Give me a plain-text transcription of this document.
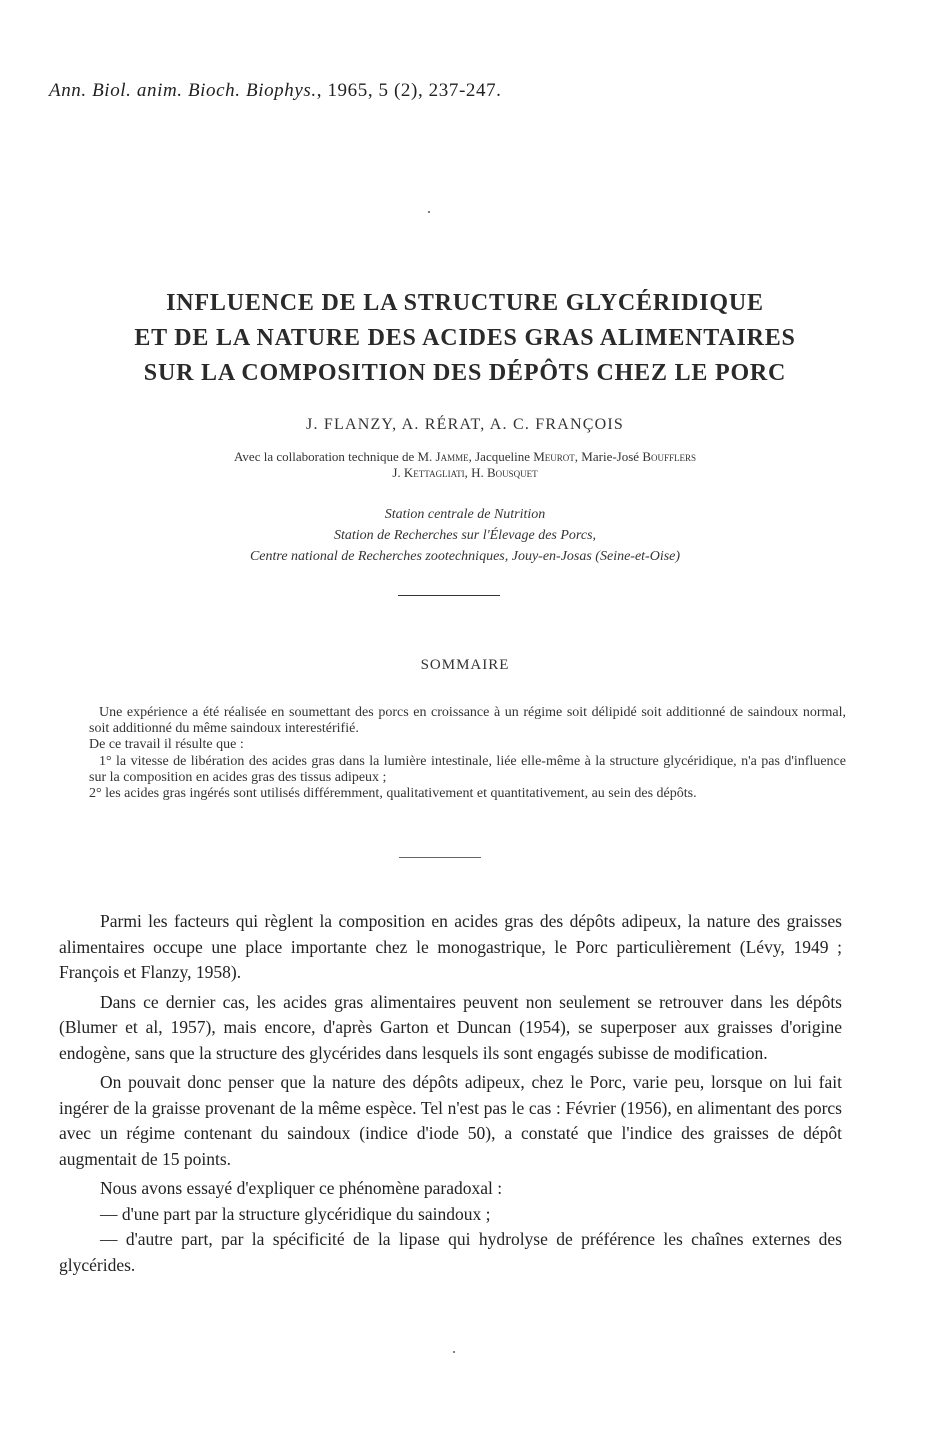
Ann. Biol. anim. Bioch. Biophys., 1965, 5 (2), 237-247.
INFLUENCE DE LA STRUCTURE GLYCÉRIDIQUE
ET DE LA NATURE DES ACIDES GRAS ALIMENTAIRES
SUR LA COMPOSITION DES DÉPÔTS CHEZ LE PORC
J. FLANZY, A. RÉRAT, A. C. FRANÇOIS
Avec la collaboration technique de M. Jamme, Jacqueline Meurot, Marie-José Boufflers
J. Kettagliati, H. Bousquet
Station centrale de Nutrition
Station de Recherches sur l'Élevage des Porcs,
Centre national de Recherches zootechniques, Jouy-en-Josas (Seine-et-Oise)
SOMMAIRE

Une expérience a été réalisée en soumettant des porcs en croissance à un régime soit délipidé soit additionné de saindoux normal, soit additionné du même saindoux interestérifié.

De ce travail il résulte que :

1° la vitesse de libération des acides gras dans la lumière intestinale, liée elle-même à la structure glycéridique, n'a pas d'influence sur la composition en acides gras des tissus adipeux ;

2° les acides gras ingérés sont utilisés différemment, qualitativement et quantitativement, au sein des dépôts.

Parmi les facteurs qui règlent la composition en acides gras des dépôts adipeux, la nature des graisses alimentaires occupe une place importante chez le monogastrique, le Porc particulièrement (Lévy, 1949 ; François et Flanzy, 1958).

Dans ce dernier cas, les acides gras alimentaires peuvent non seulement se retrouver dans les dépôts (Blumer et al, 1957), mais encore, d'après Garton et Duncan (1954), se superposer aux graisses d'origine endogène, sans que la structure des glycérides dans lesquels ils sont engagés subisse de modification.

On pouvait donc penser que la nature des dépôts adipeux, chez le Porc, varie peu, lorsque on lui fait ingérer de la graisse provenant de la même espèce. Tel n'est pas le cas : Février (1956), en alimentant des porcs avec un régime contenant du saindoux (indice d'iode 50), a constaté que l'indice des graisses de dépôt augmentait de 15 points.

Nous avons essayé d'expliquer ce phénomène paradoxal :

— d'une part par la structure glycéridique du saindoux ;

— d'autre part, par la spécificité de la lipase qui hydrolyse de préférence les chaînes externes des glycérides.
